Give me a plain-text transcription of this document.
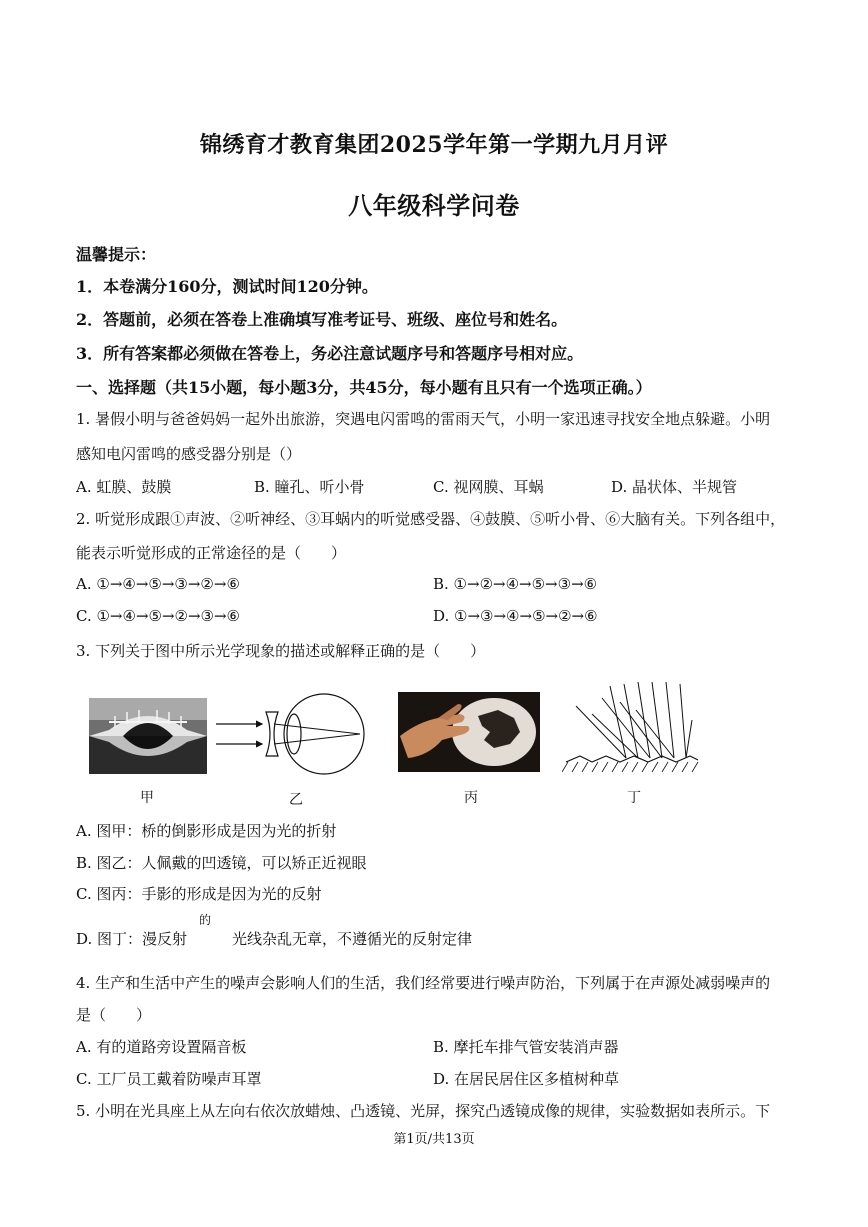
锦绣育才教育集团2025学年第一学期九月月评
八年级科学问卷
温馨提示：
1．本卷满分160分，测试时间120分钟。
2．答题前，必须在答卷上准确填写准考证号、班级、座位号和姓名。
3．所有答案都必须做在答卷上，务必注意试题序号和答题序号相对应。
一、选择题（共15小题，每小题3分，共45分，每小题有且只有一个选项正确。）
1. 暑假小明与爸爸妈妈一起外出旅游，突遇电闪雷鸣的雷雨天气，小明一家迅速寻找安全地点躲避。小明
感知电闪雷鸣的感受器分别是（）
A. 虹膜、鼓膜	B. 瞳孔、听小骨	C. 视网膜、耳蜗	D. 晶状体、半规管
2. 听觉形成跟①声波、②听神经、③耳蜗内的听觉感受器、④鼓膜、⑤听小骨、⑥大脑有关。下列各组中，
能表示听觉形成的正常途径的是（　　）
A. ①→④→⑤→③→②→⑥	B. ①→②→④→⑤→③→⑥
C. ①→④→⑤→②→③→⑥	D. ①→③→④→⑤→②→⑥
3. 下列关于图中所示光学现象的描述或解释正确的是（　　）
甲	乙	丙	丁
A. 图甲：桥的倒影形成是因为光的折射
B. 图乙：人佩戴的凹透镜，可以矫正近视眼
C. 图丙：手影的形成是因为光的反射
的
D. 图丁：漫反射　　　光线杂乱无章，不遵循光的反射定律
4. 生产和生活中产生的噪声会影响人们的生活，我们经常要进行噪声防治，下列属于在声源处减弱噪声的
是（　　）
A. 有的道路旁设置隔音板	B. 摩托车排气管安装消声器
C. 工厂员工戴着防噪声耳罩	D. 在居民居住区多植树种草
5. 小明在光具座上从左向右依次放蜡烛、凸透镜、光屏，探究凸透镜成像的规律，实验数据如表所示。下
第1页/共13页
